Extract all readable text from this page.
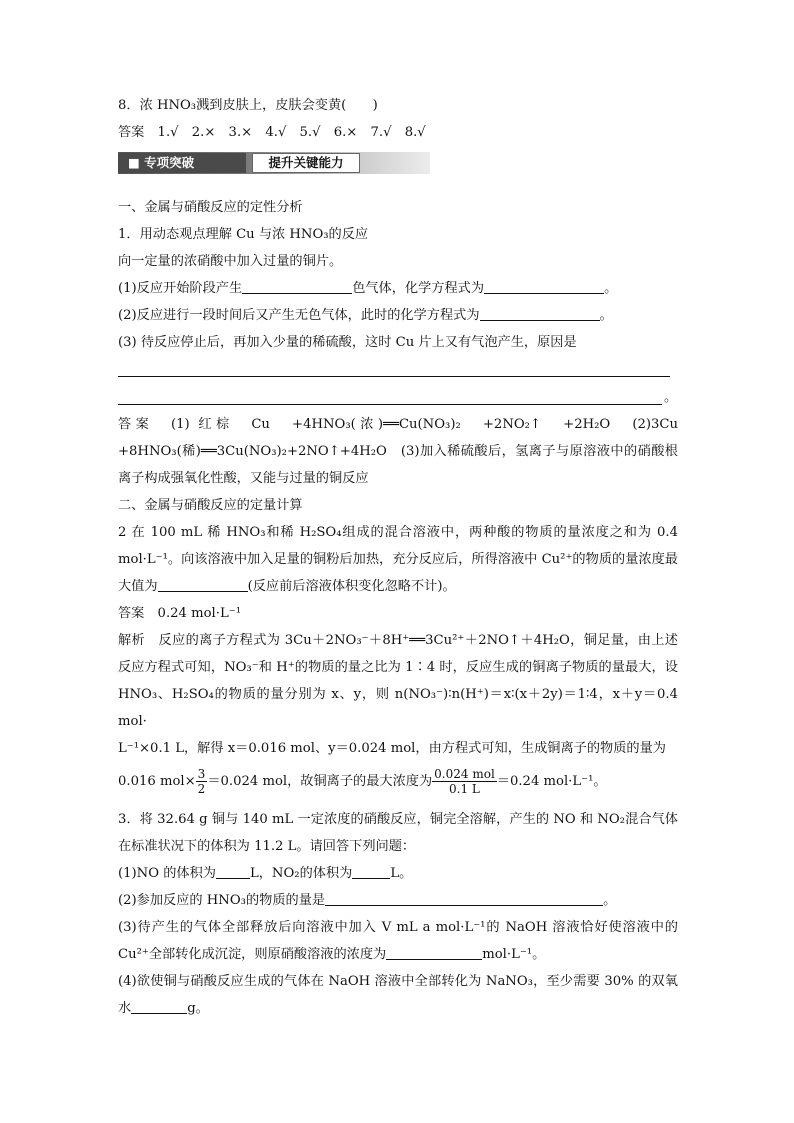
8．浓 HNO₃溅到皮肤上，皮肤会变黄(　　)
答案　1.√　2.×　3.×　4.√　5.√　6.×　7.√　8.√
■ 专项突破	提升关键能力
一、金属与硝酸反应的定性分析
1．用动态观点理解 Cu 与浓 HNO₃的反应
向一定量的浓硝酸中加入过量的铜片。
(1)反应开始阶段产生	色气体，化学方程式为	。
(2)反应进行一段时间后又产生无色气体，此时的化学方程式为	。
(3) 待反应停止后，再加入少量的稀硫酸，这时 Cu 片上又有气泡产生，原因是
。
答案　(1) 红棕　Cu　+4HNO₃(浓)══Cu(NO₃)₂　+2NO₂↑　+2H₂O　(2)3Cu　+8HNO₃(稀)══3Cu(NO₃)₂+2NO↑+4H₂O　(3)加入稀硫酸后，氢离子与原溶液中的硝酸根离子构成强氧化性酸，又能与过量的铜反应
二、金属与硝酸反应的定量计算
2 在 100 mL 稀 HNO₃和稀 H₂SO₄组成的混合溶液中，两种酸的物质的量浓度之和为 0.4 mol·L⁻¹。向该溶液中加入足量的铜粉后加热，充分反应后，所得溶液中 Cu²⁺的物质的量浓度最大值为	(反应前后溶液体积变化忽略不计)。
答案　0.24 mol·L⁻¹
解析　反应的离子方程式为 3Cu＋2NO₃⁻＋8H⁺══3Cu²⁺＋2NO↑＋4H₂O，铜足量，由上述反应方程式可知，NO₃⁻和 H⁺的物质的量之比为 1∶4 时，反应生成的铜离子物质的量最大，设 HNO₃、H₂SO₄的物质的量分别为 x、y，则 n(NO₃⁻)∶n(H⁺)＝x∶(x＋2y)＝1∶4，x＋y＝0.4 mol·
L⁻¹×0.1 L，解得 x＝0.016 mol、y＝0.024 mol，由方程式可知，生成铜离子的物质的量为
0.016 $mol\times \frac{3}{2} =0.024$ mol，故铜离子的最大浓度为 $\frac{\text{0.024 mol}}{0.1 L} =0.24$ mol·L⁻¹。
3．将 32.64 g 铜与 140 mL 一定浓度的硝酸反应，铜完全溶解，产生的 NO 和 NO₂混合气体在标准状况下的体积为 11.2 L。请回答下列问题：
(1)NO 的体积为	L，NO₂的体积为	L。
(2)参加反应的 HNO₃的物质的量是	。
(3)待产生的气体全部释放后向溶液中加入 V mL a mol·L⁻¹的 NaOH 溶液恰好使溶液中的 Cu²⁺全部转化成沉淀，则原硝酸溶液的浓度为	mol·L⁻¹。
(4)欲使铜与硝酸反应生成的气体在 NaOH 溶液中全部转化为 NaNO₃，至少需要 30% 的双氧水	g。
